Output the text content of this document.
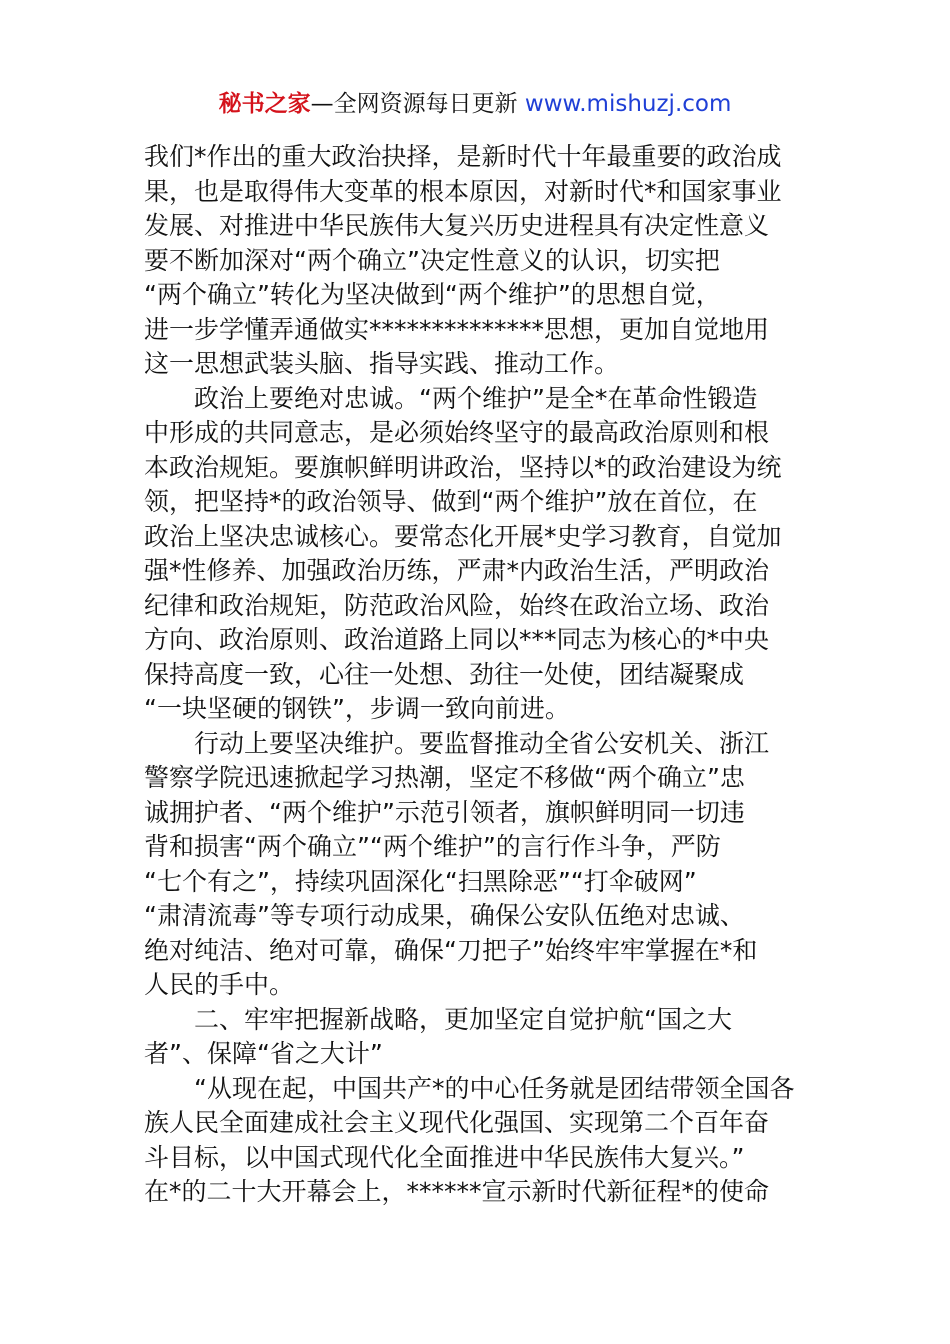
秘书之家—全网资源每日更新 www.mishuzj.com

我们*作出的重大政治抉择，是新时代十年最重要的政治成

果，也是取得伟大变革的根本原因，对新时代*和国家事业

发展、对推进中华民族伟大复兴历史进程具有决定性意义

要不断加深对“两个确立”决定性意义的认识，切实把

“两个确立”转化为坚决做到“两个维护”的思想自觉，

进一步学懂弄通做实**************思想，更加自觉地用

这一思想武装头脑、指导实践、推动工作。

政治上要绝对忠诚。“两个维护”是全*在革命性锻造

中形成的共同意志，是必须始终坚守的最高政治原则和根

本政治规矩。要旗帜鲜明讲政治，坚持以*的政治建设为统

领，把坚持*的政治领导、做到“两个维护”放在首位，在

政治上坚决忠诚核心。要常态化开展*史学习教育，自觉加

强*性修养、加强政治历练，严肃*内政治生活，严明政治

纪律和政治规矩，防范政治风险，始终在政治立场、政治

方向、政治原则、政治道路上同以***同志为核心的*中央

保持高度一致，心往一处想、劲往一处使，团结凝聚成

“一块坚硬的钢铁”，步调一致向前进。

行动上要坚决维护。要监督推动全省公安机关、浙江

警察学院迅速掀起学习热潮，坚定不移做“两个确立”忠

诚拥护者、“两个维护”示范引领者，旗帜鲜明同一切违

背和损害“两个确立”“两个维护”的言行作斗争，严防

“七个有之”，持续巩固深化“扫黑除恶”“打伞破网”

“肃清流毒”等专项行动成果，确保公安队伍绝对忠诚、

绝对纯洁、绝对可靠，确保“刀把子”始终牢牢掌握在*和

人民的手中。

二、牢牢把握新战略，更加坚定自觉护航“国之大

者”、保障“省之大计”

“从现在起，中国共产*的中心任务就是团结带领全国各

族人民全面建成社会主义现代化强国、实现第二个百年奋

斗目标，以中国式现代化全面推进中华民族伟大复兴。”

在*的二十大开幕会上，******宣示新时代新征程*的使命
